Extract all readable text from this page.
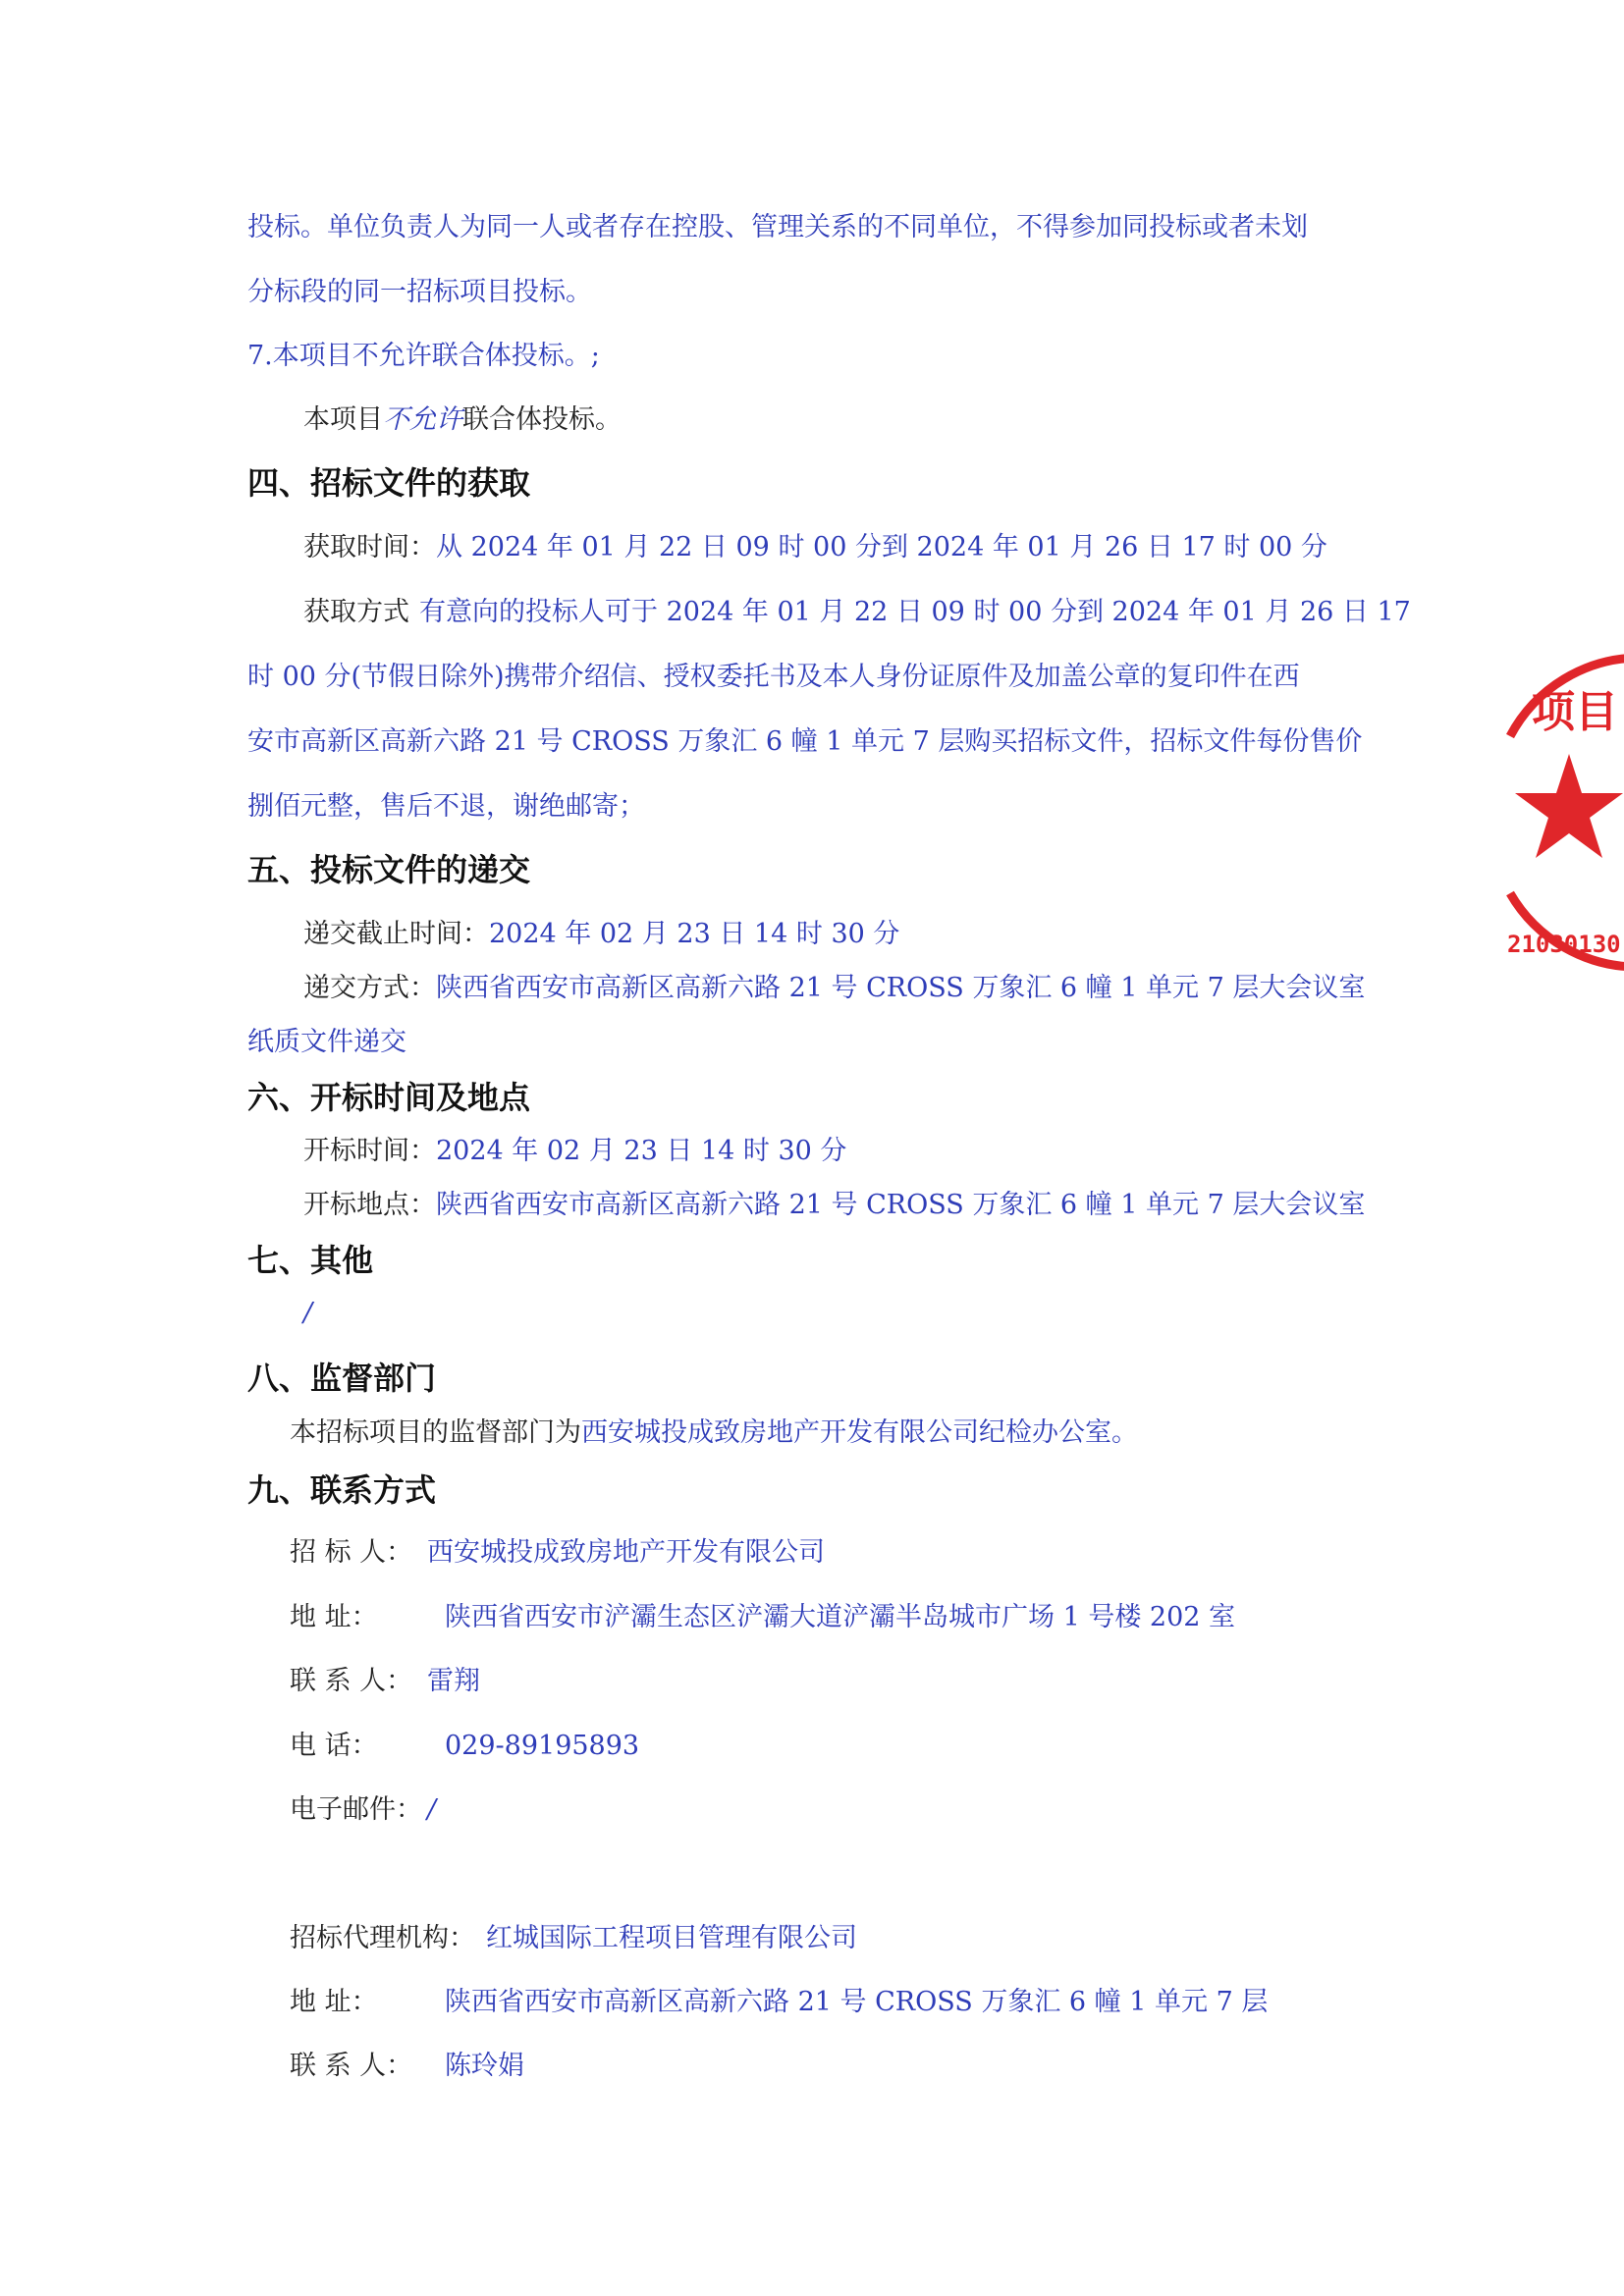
投标。单位负责人为同一人或者存在控股、管理关系的不同单位，不得参加同投标或者未划
分标段的同一招标项目投标。
7.本项目不允许联合体投标。;
本项目不允许联合体投标。
四、招标文件的获取
获取时间：从 2024 年 01 月 22 日 09 时 00 分到 2024 年 01 月 26 日 17 时 00 分
获取方式 有意向的投标人可于 2024 年 01 月 22 日 09 时 00 分到 2024 年 01 月 26 日 17
时 00 分(节假日除外)携带介绍信、授权委托书及本人身份证原件及加盖公章的复印件在西
安市高新区高新六路 21 号 CROSS 万象汇 6 幢 1 单元 7 层购买招标文件，招标文件每份售价
捌佰元整，售后不退，谢绝邮寄；
五、投标文件的递交
递交截止时间：2024 年 02 月 23 日 14 时 30 分
递交方式：陕西省西安市高新区高新六路 21 号 CROSS 万象汇 6 幢 1 单元 7 层大会议室
纸质文件递交
六、开标时间及地点
开标时间：2024 年 02 月 23 日 14 时 30 分
开标地点：陕西省西安市高新区高新六路 21 号 CROSS 万象汇 6 幢 1 单元 7 层大会议室
七、其他
/
八、监督部门
本招标项目的监督部门为西安城投成致房地产开发有限公司纪检办公室。
九、联系方式
招 标 人： 西安城投成致房地产开发有限公司
地 址：	陕西省西安市浐灞生态区浐灞大道浐灞半岛城市广场 1 号楼 202 室
联 系 人： 雷翔
电 话：	029-89195893
电子邮件： /
招标代理机构： 红城国际工程项目管理有限公司
地 址：	陕西省西安市高新区高新六路 21 号 CROSS 万象汇 6 幢 1 单元 7 层
联 系 人： 陈玲娟
项目
21030130
